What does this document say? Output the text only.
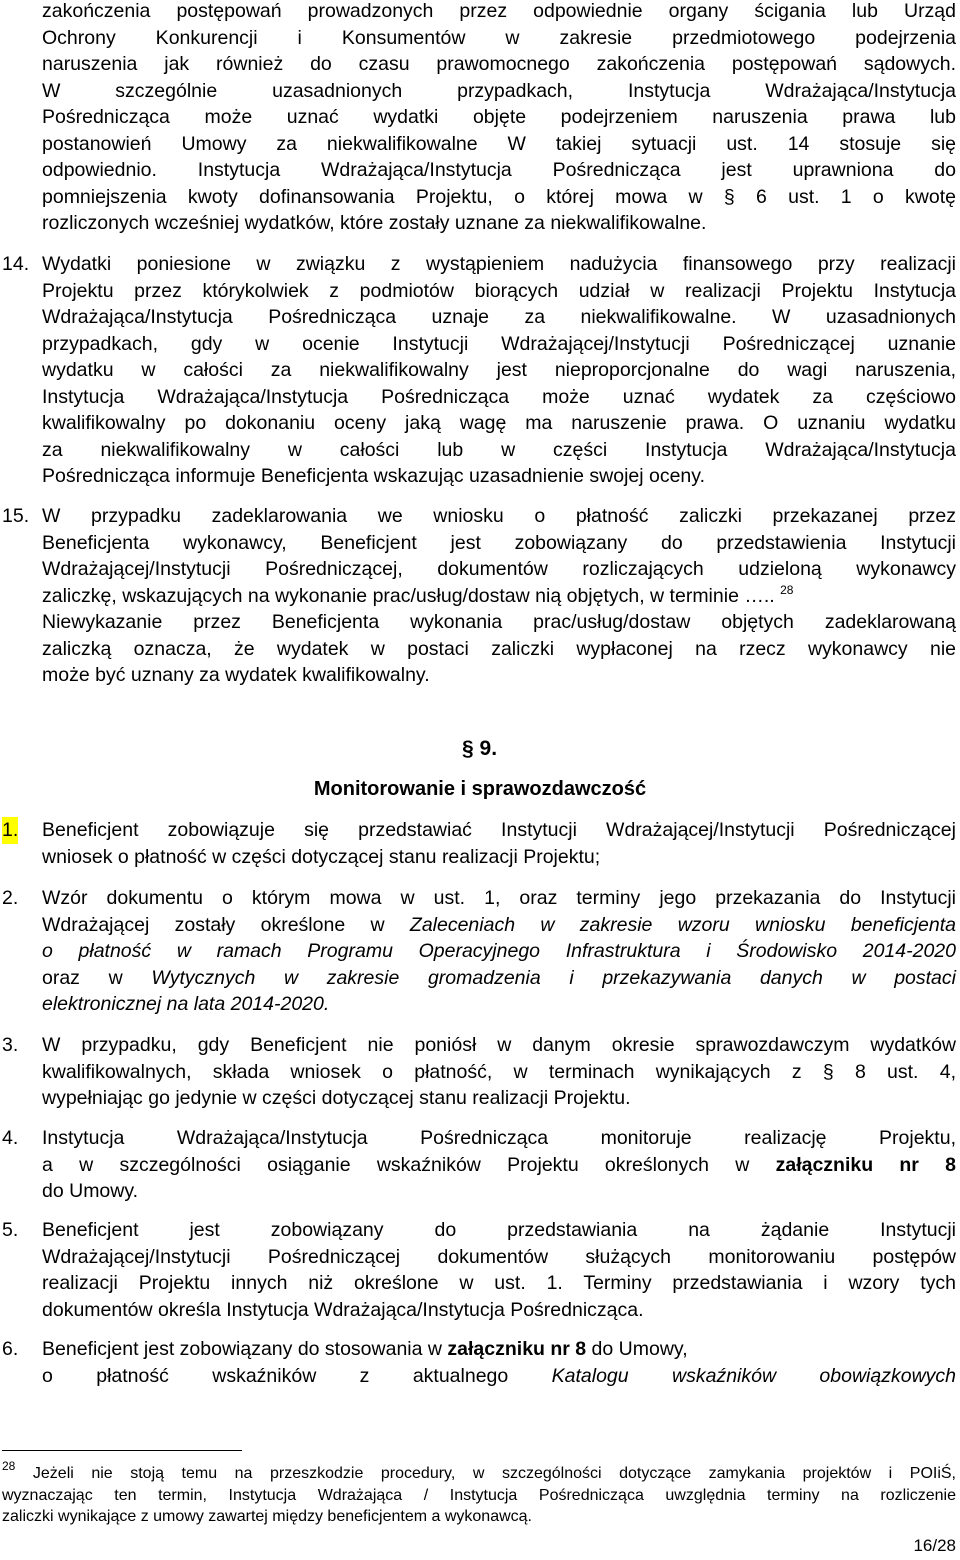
zakończenia postępowań prowadzonych przez odpowiednie organy ścigania lub Urząd
Ochrony Konkurencji i Konsumentów w zakresie przedmiotowego podejrzenia
naruszenia jak również do czasu prawomocnego zakończenia postępowań sądowych.
W szczególnie uzasadnionych przypadkach, Instytucja Wdrażająca/Instytucja
Pośrednicząca może uznać wydatki objęte podejrzeniem naruszenia prawa lub
postanowień Umowy za niekwalifikowalne W takiej sytuacji ust. 14 stosuje się
odpowiednio. Instytucja Wdrażająca/Instytucja Pośrednicząca jest uprawniona do
pomniejszenia kwoty dofinansowania Projektu, o której mowa w § 6 ust. 1 o kwotę
rozliczonych wcześniej wydatków, które zostały uznane za niekwalifikowalne.
14. Wydatki poniesione w związku z wystąpieniem nadużycia finansowego przy realizacji
Projektu przez którykolwiek z podmiotów biorących udział w realizacji Projektu Instytucja
Wdrażająca/Instytucja Pośrednicząca uznaje za niekwalifikowalne. W uzasadnionych
przypadkach, gdy w ocenie Instytucji Wdrażającej/Instytucji Pośredniczącej uznanie
wydatku w całości za niekwalifikowalny jest nieproporcjonalne do wagi naruszenia,
Instytucja Wdrażająca/Instytucja Pośrednicząca może uznać wydatek za częściowo
kwalifikowalny po dokonaniu oceny jaką wagę ma naruszenie prawa. O uznaniu wydatku
za niekwalifikowalny w całości lub w części Instytucja Wdrażająca/Instytucja
Pośrednicząca informuje Beneficjenta wskazując uzasadnienie swojej oceny.
15. W przypadku zadeklarowania we wniosku o płatność zaliczki przekazanej przez
Beneficjenta wykonawcy, Beneficjent jest zobowiązany do przedstawienia Instytucji
Wdrażającej/Instytucji Pośredniczącej, dokumentów rozliczających udzieloną wykonawcy
zaliczkę, wskazujących na wykonanie prac/usług/dostaw nią objętych, w terminie ….. $^{28}$
Niewykazanie przez Beneficjenta wykonania prac/usług/dostaw objętych zadeklarowaną
zaliczką oznacza, że wydatek w postaci zaliczki wypłaconej na rzecz wykonawcy nie
może być uznany za wydatek kwalifikowalny.
§ 9.
Monitorowanie i sprawozdawczość
1. Beneficjent zobowiązuje się przedstawiać Instytucji Wdrażającej/Instytucji Pośredniczącej
wniosek o płatność w części dotyczącej stanu realizacji Projektu;
2. Wzór dokumentu o którym mowa w ust. 1, oraz terminy jego przekazania do Instytucji
Wdrażającej zostały określone w Zaleceniach w zakresie wzoru wniosku beneficjenta
o płatność w ramach Programu Operacyjnego Infrastruktura i Środowisko 2014-2020
oraz w Wytycznych w zakresie gromadzenia i przekazywania danych w postaci
elektronicznej na lata 2014-2020.
3. W przypadku, gdy Beneficjent nie poniósł w danym okresie sprawozdawczym wydatków
kwalifikowalnych, składa wniosek o płatność, w terminach wynikających z § 8 ust. 4,
wypełniając go jedynie w części dotyczącej stanu realizacji Projektu.
4. Instytucja Wdrażająca/Instytucja Pośrednicząca monitoruje realizację Projektu,
a w szczególności osiąganie wskaźników Projektu określonych w załączniku nr 8
do Umowy.
5. Beneficjent jest zobowiązany do przedstawiania na żądanie Instytucji
Wdrażającej/Instytucji Pośredniczącej dokumentów służących monitorowaniu postępów
realizacji Projektu innych niż określone w ust. 1. Terminy przedstawiania i wzory tych
dokumentów określa Instytucja Wdrażająca/Instytucja Pośrednicząca.
6. Beneficjent jest zobowiązany do stosowania w załączniku nr 8 do Umowy,
o płatność wskaźników z aktualnego Katalogu wskaźników obowiązkowych
$^{28}$ Jeżeli nie stoją temu na przeszkodzie procedury, w szczególności dotyczące zamykania projektów i POIiŚ,
wyznaczając ten termin, Instytucja Wdrażająca / Instytucja Pośrednicząca uwzględnia terminy na rozliczenie
zaliczki wynikające z umowy zawartej między beneficjentem a wykonawcą.
16/28
